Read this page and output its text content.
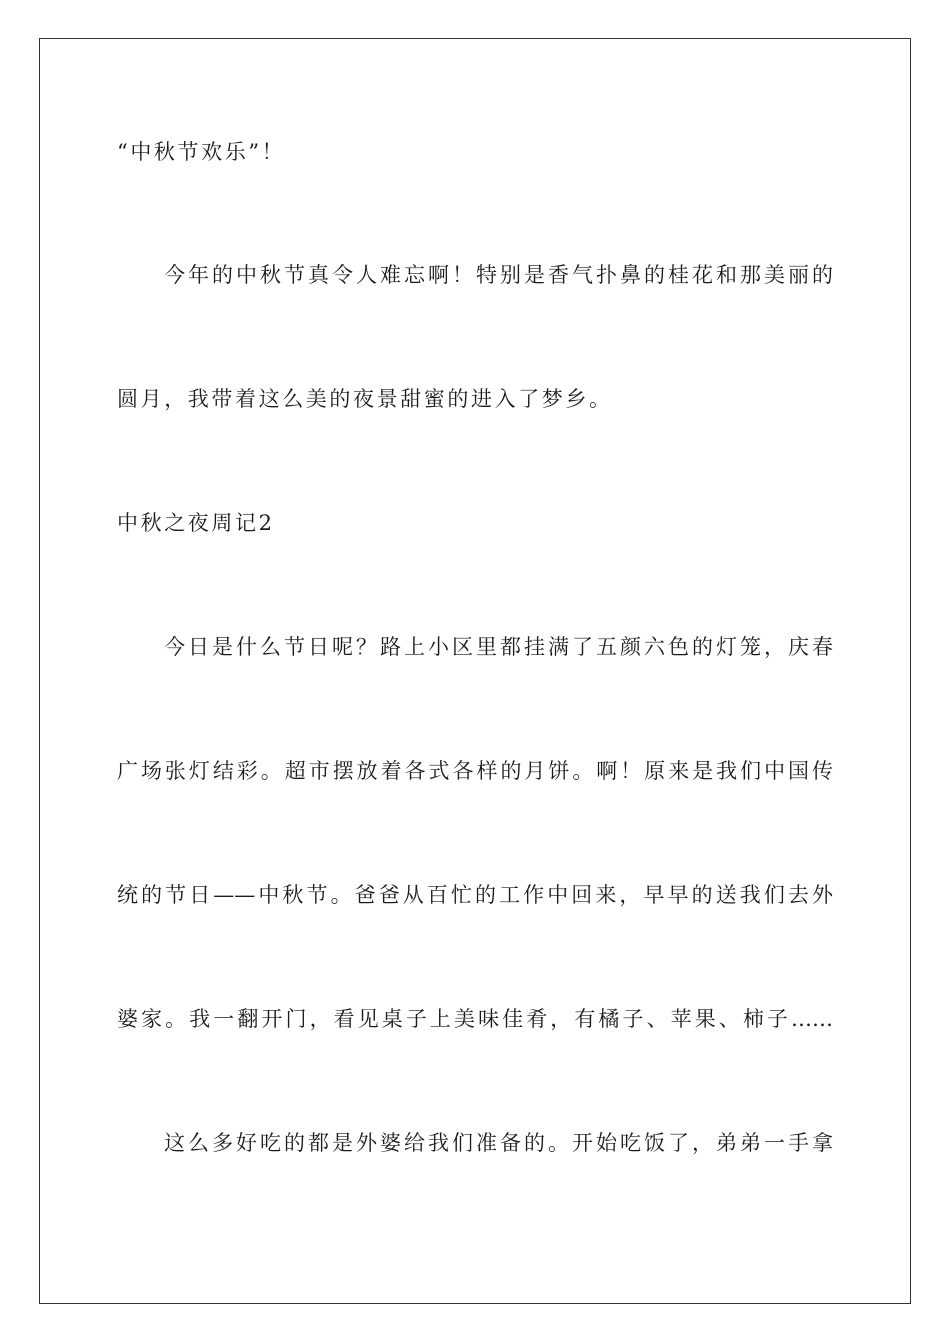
“中秋节欢乐”！
今年的中秋节真令人难忘啊！特别是香气扑鼻的桂花和那美丽的
圆月，我带着这么美的夜景甜蜜的进入了梦乡。
中秋之夜周记2
今日是什么节日呢？路上小区里都挂满了五颜六色的灯笼，庆春
广场张灯结彩。超市摆放着各式各样的月饼。啊！原来是我们中国传
统的节日——中秋节。爸爸从百忙的工作中回来，早早的送我们去外
婆家。我一翻开门，看见桌子上美味佳肴，有橘子、苹果、柿子……
这么多好吃的都是外婆给我们准备的。开始吃饭了，弟弟一手拿
